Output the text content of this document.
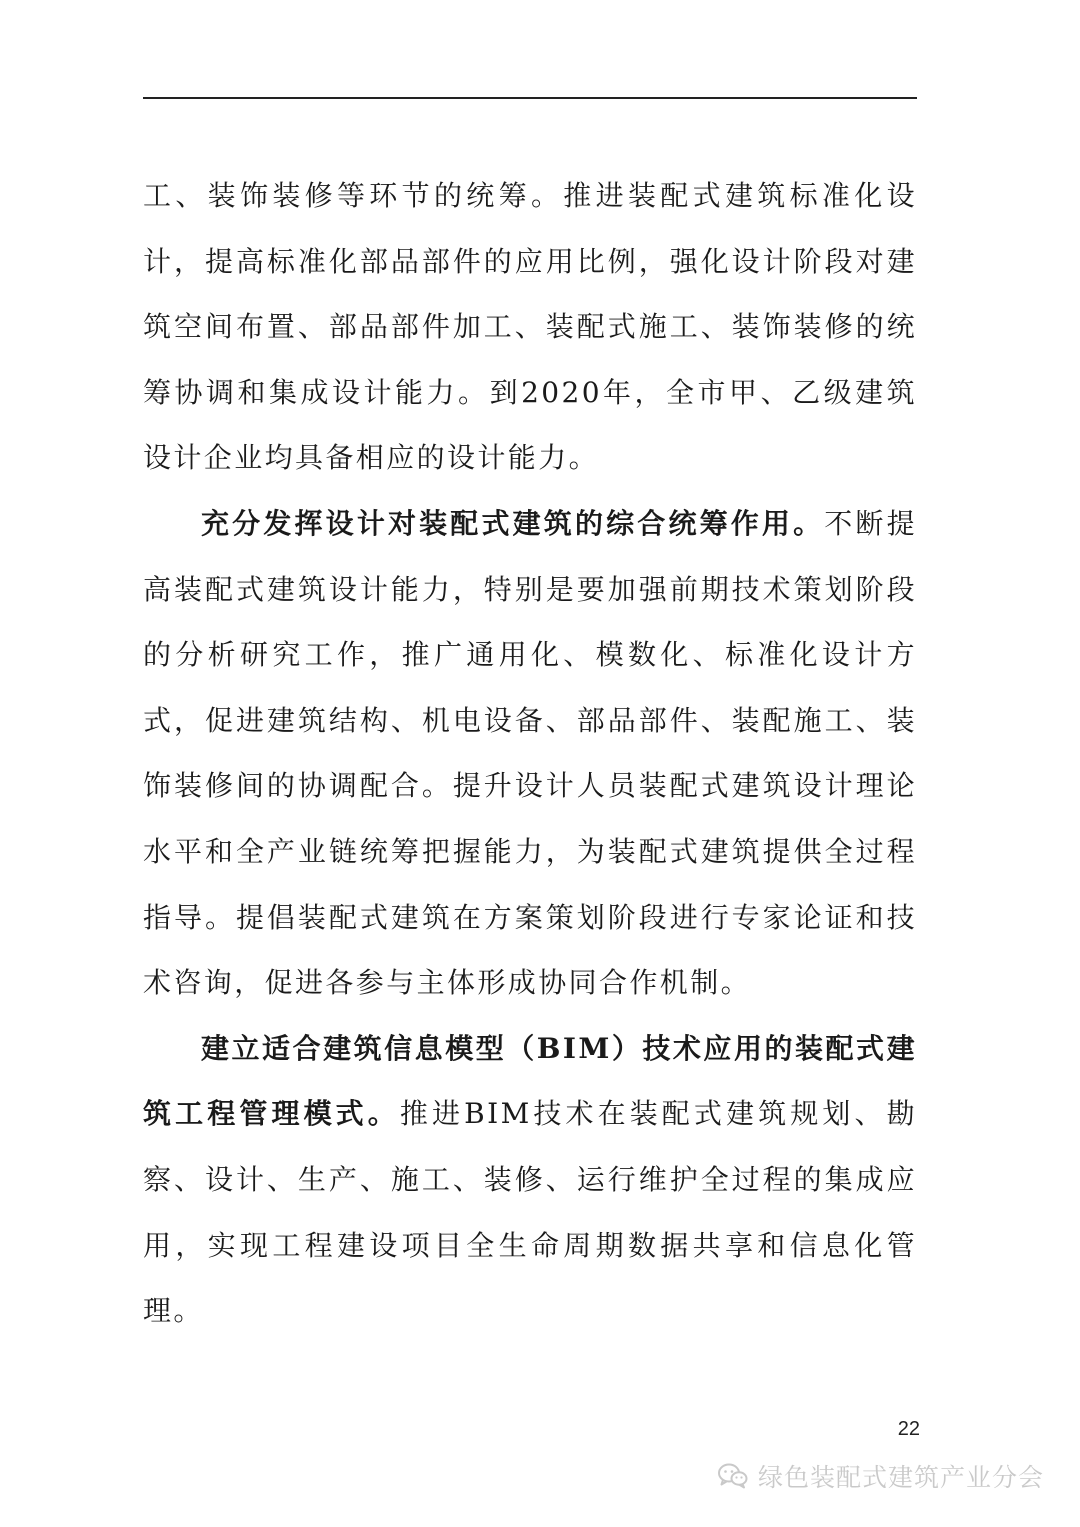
工、装饰装修等环节的统筹。推进装配式建筑标准化设计，提高标准化部品部件的应用比例，强化设计阶段对建筑空间布置、部品部件加工、装配式施工、装饰装修的统筹协调和集成设计能力。到2020年，全市甲、乙级建筑设计企业均具备相应的设计能力。

充分发挥设计对装配式建筑的综合统筹作用。不断提高装配式建筑设计能力，特别是要加强前期技术策划阶段的分析研究工作，推广通用化、模数化、标准化设计方式，促进建筑结构、机电设备、部品部件、装配施工、装饰装修间的协调配合。提升设计人员装配式建筑设计理论水平和全产业链统筹把握能力，为装配式建筑提供全过程指导。提倡装配式建筑在方案策划阶段进行专家论证和技术咨询，促进各参与主体形成协同合作机制。

建立适合建筑信息模型（BIM）技术应用的装配式建筑工程管理模式。推进BIM技术在装配式建筑规划、勘察、设计、生产、施工、装修、运行维护全过程的集成应用，实现工程建设项目全生命周期数据共享和信息化管理。

22
绿色装配式建筑产业分会
